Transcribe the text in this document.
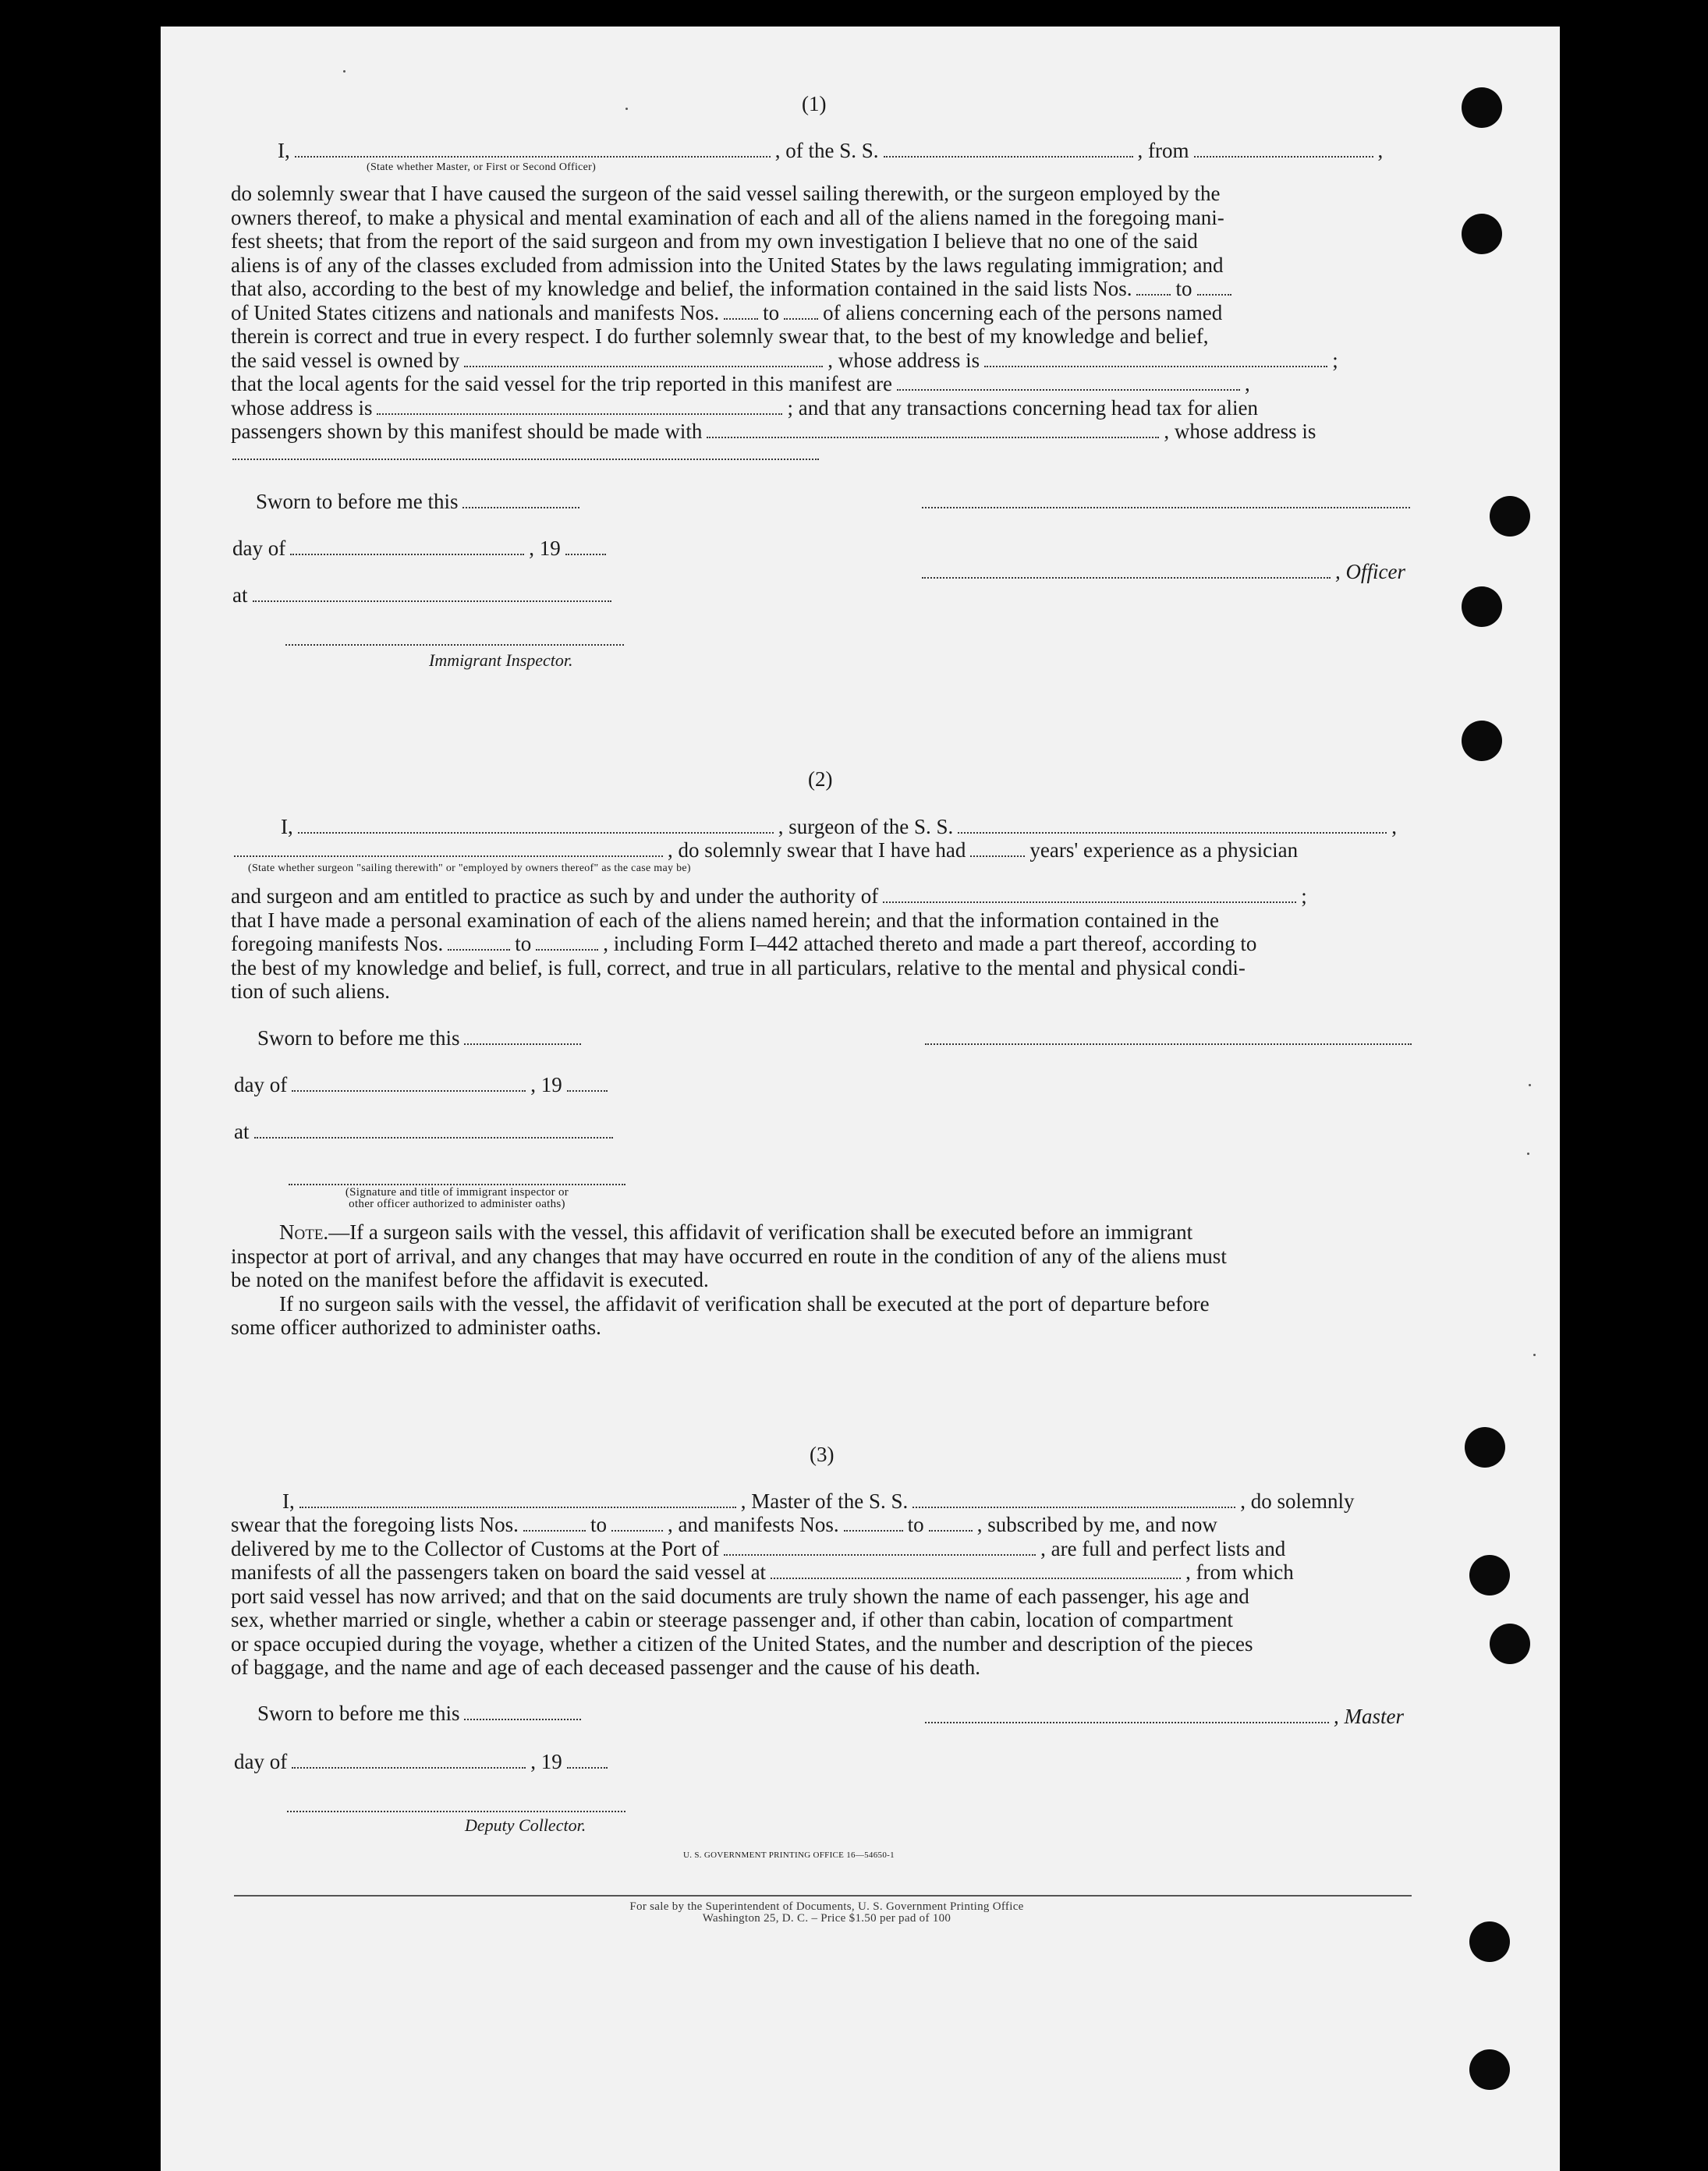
(1)
I,	, of the S. S.	, from	,
(State whether Master, or First or Second Officer)
do solemnly swear that I have caused the surgeon of the said vessel sailing therewith, or the surgeon employed by the
owners thereof, to make a physical and mental examination of each and all of the aliens named in the foregoing mani-
fest sheets; that from the report of the said surgeon and from my own investigation I believe that no one of the said
aliens is of any of the classes excluded from admission into the United States by the laws regulating immigration; and
that also, according to the best of my knowledge and belief, the information contained in the said lists Nos. to
of United States citizens and nationals and manifests Nos. to of aliens concerning each of the persons named
therein is correct and true in every respect. I do further solemnly swear that, to the best of my knowledge and belief,
the said vessel is owned by	, whose address is	;
that the local agents for the said vessel for the trip reported in this manifest are	,
whose address is	; and that any transactions concerning head tax for alien
passengers shown by this manifest should be made with	, whose address is
Sworn to before me this
day of	, 19
at
Immigrant Inspector.
, Officer
(2)
I,	, surgeon of the S. S.	,
, do solemnly swear that I have had	years' experience as a physician
(State whether surgeon "sailing therewith" or "employed by owners thereof" as the case may be)
and surgeon and am entitled to practice as such by and under the authority of	;
that I have made a personal examination of each of the aliens named herein; and that the information contained in the
foregoing manifests Nos.	to	, including Form I–442 attached thereto and made a part thereof, according to
the best of my knowledge and belief, is full, correct, and true in all particulars, relative to the mental and physical condi-
tion of such aliens.
Sworn to before me this
day of	, 19
at
(Signature and title of immigrant inspector or
other officer authorized to administer oaths)
Note.—If a surgeon sails with the vessel, this affidavit of verification shall be executed before an immigrant
inspector at port of arrival, and any changes that may have occurred en route in the condition of any of the aliens must
be noted on the manifest before the affidavit is executed.
If no surgeon sails with the vessel, the affidavit of verification shall be executed at the port of departure before
some officer authorized to administer oaths.
(3)
I,	, Master of the S. S.	, do solemnly
swear that the foregoing lists Nos.	to	, and manifests Nos.	to	, subscribed by me, and now
delivered by me to the Collector of Customs at the Port of	, are full and perfect lists and
manifests of all the passengers taken on board the said vessel at	, from which
port said vessel has now arrived; and that on the said documents are truly shown the name of each passenger, his age and
sex, whether married or single, whether a cabin or steerage passenger and, if other than cabin, location of compartment
or space occupied during the voyage, whether a citizen of the United States, and the number and description of the pieces
of baggage, and the name and age of each deceased passenger and the cause of his death.
Sworn to before me this	, Master
day of	, 19
Deputy Collector.
U. S. GOVERNMENT PRINTING OFFICE 16—54650-1
For sale by the Superintendent of Documents, U. S. Government Printing Office
Washington 25, D. C. – Price $1.50 per pad of 100
